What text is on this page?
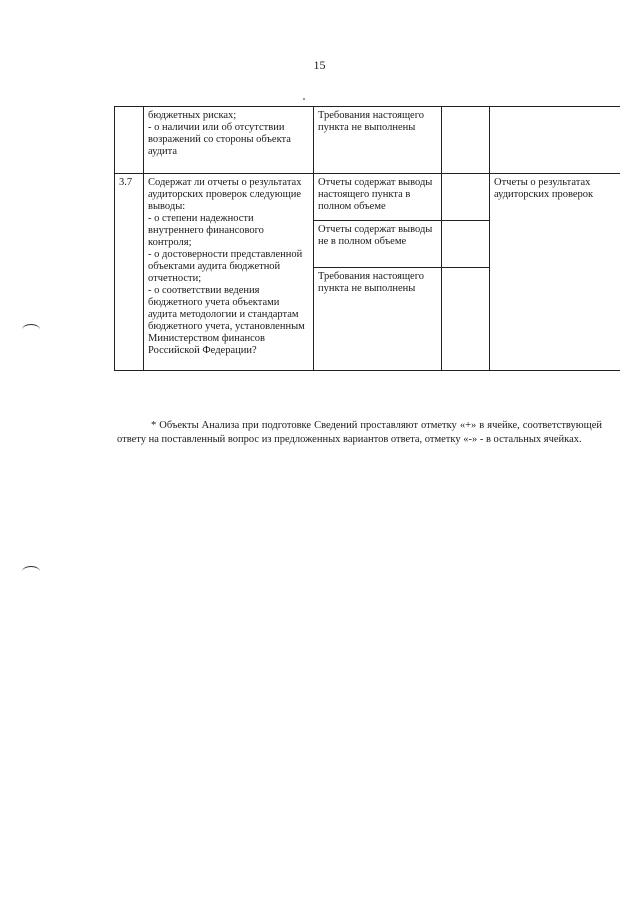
15

	бюджетных рисках;
- о наличии или об отсутствии возражений со стороны объекта аудита	Требования настоящего пункта не выполнены		
3.7	Содержат ли отчеты о результатах аудиторских проверок следующие выводы:
- о степени надежности внутреннего финансового контроля;
- о достоверности представленной объектами аудита бюджетной отчетности;
- о соответствии ведения бюджетного учета объектами аудита методологии и стандартам бюджетного учета, установленным Министерством финансов Российской Федерации?	Отчеты содержат выводы настоящего пункта в полном объеме		Отчеты о результатах аудиторских проверок
		Отчеты содержат выводы не в полном объеме		
		Требования настоящего пункта не выполнены		

* Объекты Анализа при подготовке Сведений проставляют отметку «+» в ячейке, соответствующей ответу на поставленный вопрос из предложенных вариантов ответа, отметку «-» - в остальных ячейках.
